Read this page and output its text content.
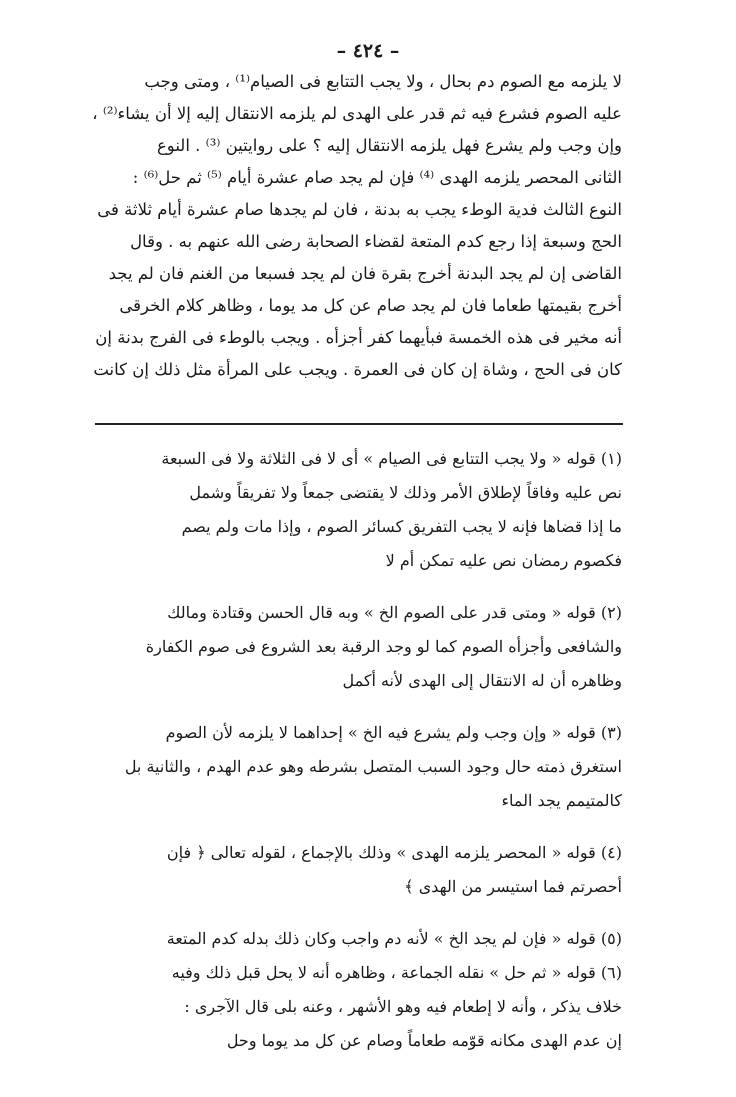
– ٤٢٤ –
لا يلزمه مع الصوم دم بحال ، ولا يجب التتابع فى الصيام⁽¹⁾ ، ومتى وجب
عليه الصوم فشرع فيه ثم قدر على الهدى لم يلزمه الانتقال إليه إلا أن يشاء⁽²⁾ ،
وإن وجب ولم يشرع فهل يلزمه الانتقال إليه ؟ على روايتين ⁽³⁾ . النوع
الثانى المحصر يلزمه الهدى ⁽⁴⁾ فإن لم يجد صام عشرة أيام ⁽⁵⁾ ثم حل⁽⁶⁾ :
النوع الثالث فدية الوطء يجب به بدنة ، فان لم يجدها صام عشرة أيام ثلاثة فى
الحج وسبعة إذا رجع كدم المتعة لقضاء الصحابة رضى الله عنهم به . وقال
القاضى إن لم يجد البدنة أخرج بقرة فان لم يجد فسبعا من الغنم فان لم يجد
أخرج بقيمتها طعاما فان لم يجد صام عن كل مد يوما ، وظاهر كلام الخرقى
أنه مخير فى هذه الخمسة فبأيهما كفر أجزأه . ويجب بالوطء فى الفرج بدنة إن
كان فى الحج ، وشاة إن كان فى العمرة . ويجب على المرأة مثل ذلك إن كانت
(١) قوله « ولا يجب التتابع فى الصيام » أى لا فى الثلاثة ولا فى السبعة
نص عليه وفاقاً لإطلاق الأمر وذلك لا يقتضى جمعاً ولا تفريقاً وشمل
ما إذا قضاها فإنه لا يجب التفريق كسائر الصوم ، وإذا مات ولم يصم
فكصوم رمضان نص عليه تمكن أم لا
(٢) قوله « ومتى قدر على الصوم الخ » وبه قال الحسن وقتادة ومالك
والشافعى وأجزأه الصوم كما لو وجد الرقبة بعد الشروع فى صوم الكفارة
وظاهره أن له الانتقال إلى الهدى لأنه أكمل
(٣) قوله « وإن وجب ولم يشرع فيه الخ » إحداهما لا يلزمه لأن الصوم
استغرق ذمته حال وجود السبب المتصل بشرطه وهو عدم الهدم ، والثانية بل
كالمتيمم يجد الماء
(٤) قوله « المحصر يلزمه الهدى » وذلك بالإجماع ، لقوله تعالى ﴿ فإن
أحصرتم فما استيسر من الهدى ﴾
(٥) قوله « فإن لم يجد الخ » لأنه دم واجب وكان ذلك بدله كدم المتعة
(٦) قوله « ثم حل » نقله الجماعة ، وظاهره أنه لا يحل قبل ذلك وفيه
خلاف يذكر ، وأنه لا إطعام فيه وهو الأشهر ، وعنه بلى قال الآجرى :
إن عدم الهدى مكانه قوّمه طعاماً وصام عن كل مد يوما وحل
